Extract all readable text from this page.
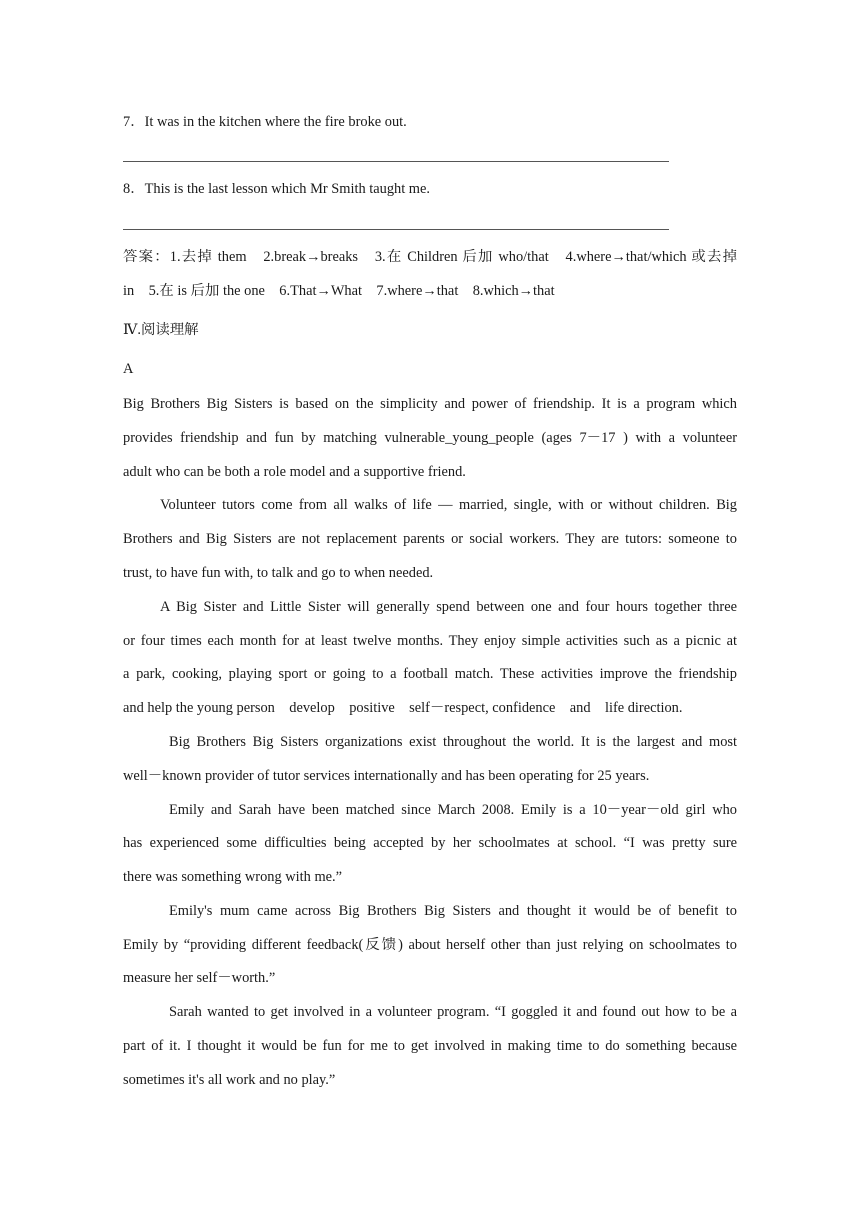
7．It was in the kitchen where the fire broke out.
8．This is the last lesson which Mr Smith taught me.
答案：1.去掉 them　2.break→breaks　3.在 Children 后加 who/that　4.where→that/which 或去掉
in　5.在 is 后加 the one　6.That→What　7.where→that　8.which→that
Ⅳ.阅读理解
A
Big Brothers Big Sisters is based on the simplicity and power of friendship. It is a program which
provides friendship and fun by matching vulnerable_young_people (ages 7－17 ) with a volunteer
adult who can be both a role model and a supportive friend.
Volunteer tutors come from all walks of life — married, single, with or without children. Big
Brothers and Big Sisters are not replacement parents or social workers. They are tutors: someone to
trust, to have fun with, to talk and go to when needed.
A Big Sister and Little Sister will generally spend between one and four hours together three
or four times each month for at least twelve months. They enjoy simple activities such as a picnic at
a park, cooking, playing sport or going to a football match. These activities improve the friendship
and help the young person　develop　positive　self－respect, confidence　and　life direction.
Big Brothers Big Sisters organizations exist throughout the world. It is the largest and most
well－known provider of tutor services internationally and has been operating for 25 years.
Emily and Sarah have been matched since March 2008. Emily is a 10－year－old girl who
has experienced some difficulties being accepted by her schoolmates at school. “I was pretty sure
there was something wrong with me.”
Emily's mum came across Big Brothers Big Sisters and thought it would be of benefit to
Emily by “providing different feedback(反馈) about herself other than just relying on schoolmates to
measure her self－worth.”
Sarah wanted to get involved in a volunteer program. “I goggled it and found out how to be a
part of it. I thought it would be fun for me to get involved in making time to do something because
sometimes it's all work and no play.”
